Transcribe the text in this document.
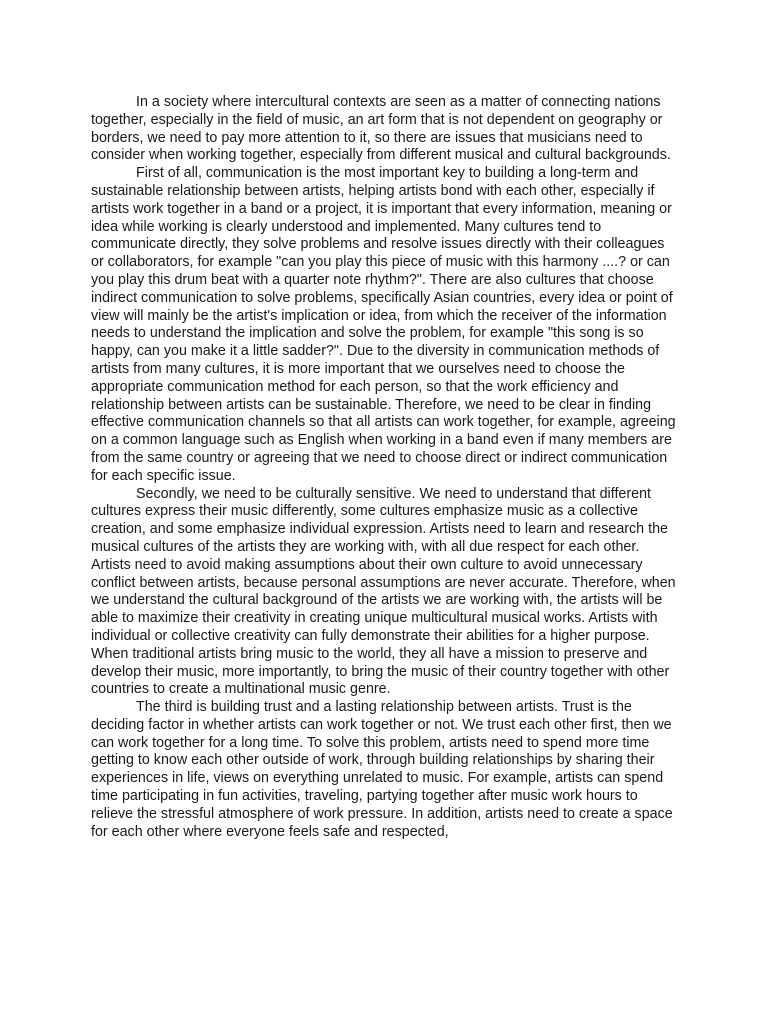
In a society where intercultural contexts are seen as a matter of connecting nations together, especially in the field of music, an art form that is not dependent on geography or borders, we need to pay more attention to it, so there are issues that musicians need to consider when working together, especially from different musical and cultural backgrounds.

First of all, communication is the most important key to building a long-term and sustainable relationship between artists, helping artists bond with each other, especially if artists work together in a band or a project, it is important that every information, meaning or idea while working is clearly understood and implemented. Many cultures tend to communicate directly, they solve problems and resolve issues directly with their colleagues or collaborators, for example "can you play this piece of music with this harmony ....? or can you play this drum beat with a quarter note rhythm?". There are also cultures that choose indirect communication to solve problems, specifically Asian countries, every idea or point of view will mainly be the artist's implication or idea, from which the receiver of the information needs to understand the implication and solve the problem, for example "this song is so happy, can you make it a little sadder?". Due to the diversity in communication methods of artists from many cultures, it is more important that we ourselves need to choose the appropriate communication method for each person, so that the work efficiency and relationship between artists can be sustainable. Therefore, we need to be clear in finding effective communication channels so that all artists can work together, for example, agreeing on a common language such as English when working in a band even if many members are from the same country or agreeing that we need to choose direct or indirect communication for each specific issue.

Secondly, we need to be culturally sensitive. We need to understand that different cultures express their music differently, some cultures emphasize music as a collective creation, and some emphasize individual expression. Artists need to learn and research the musical cultures of the artists they are working with, with all due respect for each other. Artists need to avoid making assumptions about their own culture to avoid unnecessary conflict between artists, because personal assumptions are never accurate. Therefore, when we understand the cultural background of the artists we are working with, the artists will be able to maximize their creativity in creating unique multicultural musical works. Artists with individual or collective creativity can fully demonstrate their abilities for a higher purpose. When traditional artists bring music to the world, they all have a mission to preserve and develop their music, more importantly, to bring the music of their country together with other countries to create a multinational music genre.

The third is building trust and a lasting relationship between artists. Trust is the deciding factor in whether artists can work together or not. We trust each other first, then we can work together for a long time. To solve this problem, artists need to spend more time getting to know each other outside of work, through building relationships by sharing their experiences in life, views on everything unrelated to music. For example, artists can spend time participating in fun activities, traveling, partying together after music work hours to relieve the stressful atmosphere of work pressure. In addition, artists need to create a space for each other where everyone feels safe and respected,
